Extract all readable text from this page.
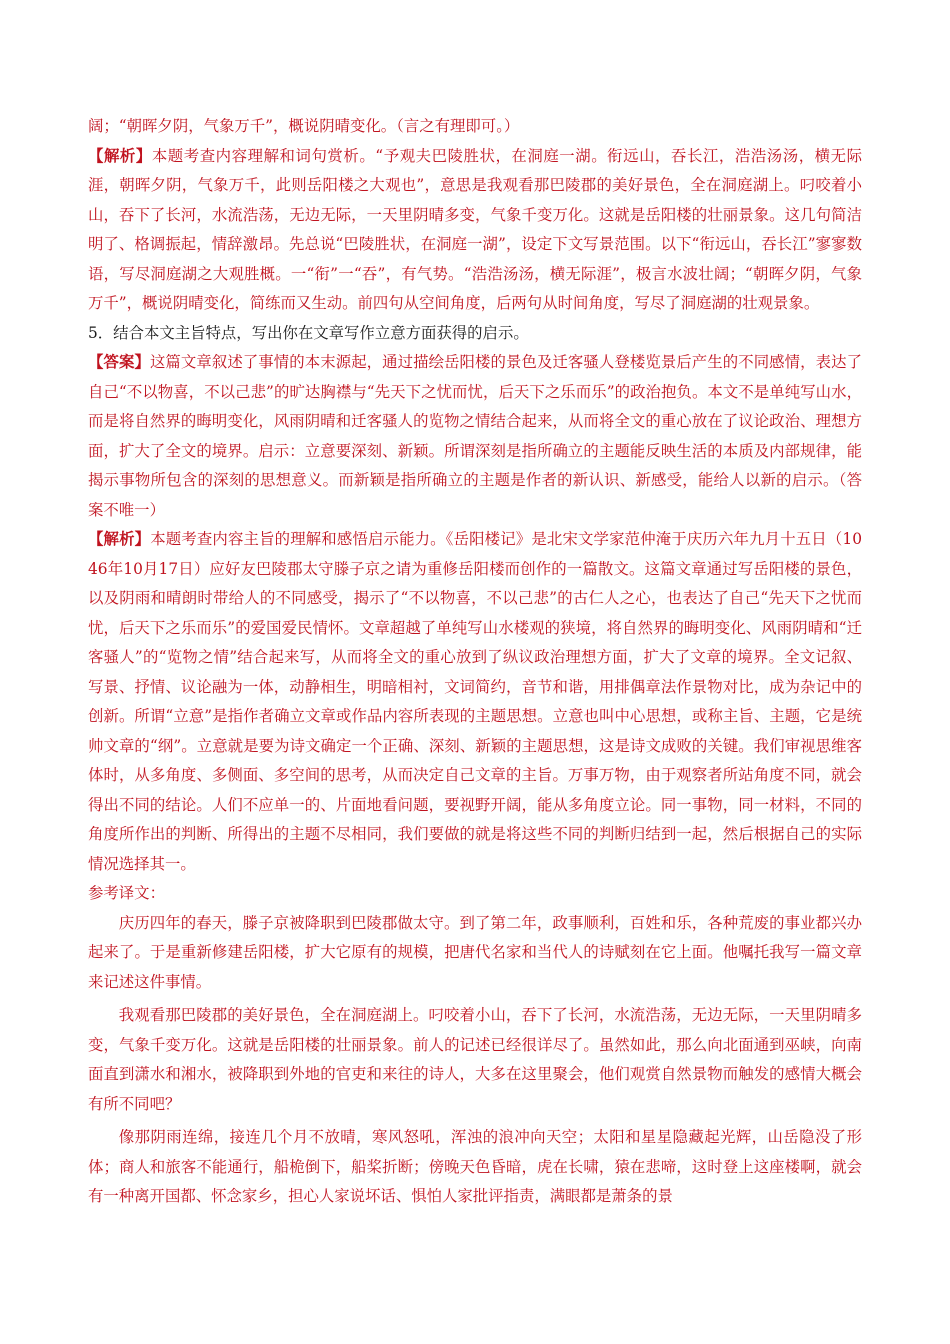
阔；“朝晖夕阴，气象万千”，概说阴晴变化。（言之有理即可。）

【解析】本题考查内容理解和词句赏析。“予观夫巴陵胜状，在洞庭一湖。衔远山，吞长江，浩浩汤汤，横无际涯，朝晖夕阴，气象万千，此则岳阳楼之大观也”，意思是我观看那巴陵郡的美好景色，全在洞庭湖上。叼咬着小山，吞下了长河，水流浩荡，无边无际，一天里阴晴多变，气象千变万化。这就是岳阳楼的壮丽景象。这几句简洁明了、格调振起，情辞激昂。先总说“巴陵胜状，在洞庭一湖”，设定下文写景范围。以下“衔远山，吞长江”寥寥数语，写尽洞庭湖之大观胜概。一“衔”一“吞”，有气势。“浩浩汤汤，横无际涯”，极言水波壮阔；“朝晖夕阴，气象万千”，概说阴晴变化，简练而又生动。前四句从空间角度，后两句从时间角度，写尽了洞庭湖的壮观景象。

5．结合本文主旨特点，写出你在文章写作立意方面获得的启示。

【答案】这篇文章叙述了事情的本末源起，通过描绘岳阳楼的景色及迁客骚人登楼览景后产生的不同感情，表达了自己“不以物喜，不以己悲”的旷达胸襟与“先天下之忧而忧，后天下之乐而乐”的政治抱负。本文不是单纯写山水，而是将自然界的晦明变化，风雨阴晴和迁客骚人的览物之情结合起来，从而将全文的重心放在了议论政治、理想方面，扩大了全文的境界。启示：立意要深刻、新颖。所谓深刻是指所确立的主题能反映生活的本质及内部规律，能揭示事物所包含的深刻的思想意义。而新颖是指所确立的主题是作者的新认识、新感受，能给人以新的启示。（答案不唯一）

【解析】本题考查内容主旨的理解和感悟启示能力。《岳阳楼记》是北宋文学家范仲淹于庆历六年九月十五日（1046年10月17日）应好友巴陵郡太守滕子京之请为重修岳阳楼而创作的一篇散文。这篇文章通过写岳阳楼的景色，以及阴雨和晴朗时带给人的不同感受，揭示了“不以物喜，不以己悲”的古仁人之心，也表达了自己“先天下之忧而忧，后天下之乐而乐”的爱国爱民情怀。文章超越了单纯写山水楼观的狭境，将自然界的晦明变化、风雨阴晴和“迁客骚人”的“览物之情”结合起来写，从而将全文的重心放到了纵议政治理想方面，扩大了文章的境界。全文记叙、写景、抒情、议论融为一体，动静相生，明暗相衬，文词简约，音节和谐，用排偶章法作景物对比，成为杂记中的创新。所谓“立意”是指作者确立文章或作品内容所表现的主题思想。立意也叫中心思想，或称主旨、主题，它是统帅文章的“纲”。立意就是要为诗文确定一个正确、深刻、新颖的主题思想，这是诗文成败的关键。我们审视思维客体时，从多角度、多侧面、多空间的思考，从而决定自己文章的主旨。万事万物，由于观察者所站角度不同，就会得出不同的结论。人们不应单一的、片面地看问题，要视野开阔，能从多角度立论。同一事物，同一材料，不同的角度所作出的判断、所得出的主题不尽相同，我们要做的就是将这些不同的判断归结到一起，然后根据自己的实际情况选择其一。

参考译文：

庆历四年的春天，滕子京被降职到巴陵郡做太守。到了第二年，政事顺利，百姓和乐，各种荒废的事业都兴办起来了。于是重新修建岳阳楼，扩大它原有的规模，把唐代名家和当代人的诗赋刻在它上面。他嘱托我写一篇文章来记述这件事情。

我观看那巴陵郡的美好景色，全在洞庭湖上。叼咬着小山，吞下了长河，水流浩荡，无边无际，一天里阴晴多变，气象千变万化。这就是岳阳楼的壮丽景象。前人的记述已经很详尽了。虽然如此，那么向北面通到巫峡，向南面直到潇水和湘水，被降职到外地的官吏和来往的诗人，大多在这里聚会，他们观赏自然景物而触发的感情大概会有所不同吧？

像那阴雨连绵，接连几个月不放晴，寒风怒吼，浑浊的浪冲向天空；太阳和星星隐藏起光辉，山岳隐没了形体；商人和旅客不能通行，船桅倒下，船桨折断；傍晚天色昏暗，虎在长啸，猿在悲啼，这时登上这座楼啊，就会有一种离开国都、怀念家乡，担心人家说坏话、惧怕人家批评指责，满眼都是萧条的景
